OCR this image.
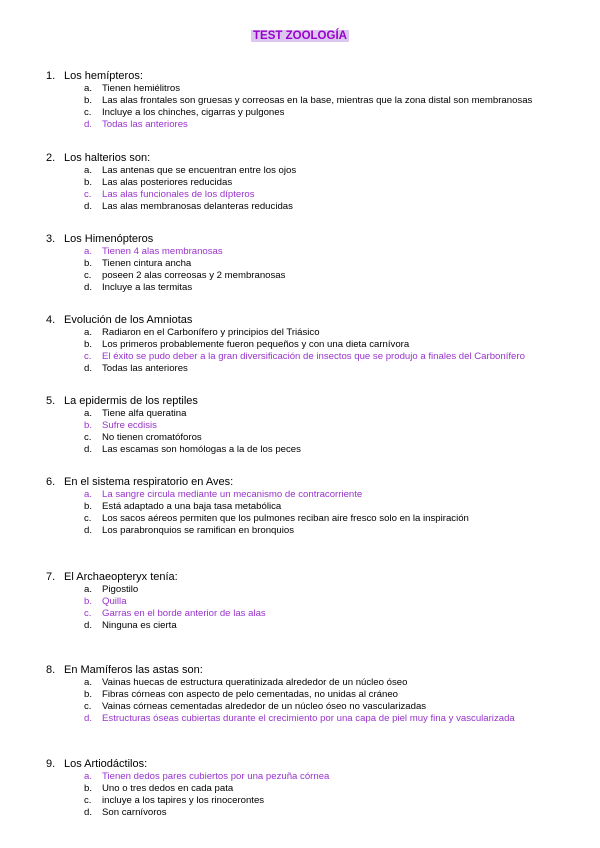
TEST ZOOLOGÍA
1. Los hemípteros:
a. Tienen hemiélitros
b. Las alas frontales son gruesas y correosas en la base, mientras que la zona distal son membranosas
c. Incluye a los chinches, cigarras y pulgones
d. Todas las anteriores
2. Los halterios son:
a. Las antenas que se encuentran entre los ojos
b. Las alas posteriores reducidas
c. Las alas funcionales de los dípteros
d. Las alas membranosas delanteras reducidas
3. Los Himenópteros
a. Tienen 4 alas membranosas
b. Tienen cintura ancha
c. poseen 2 alas correosas y 2 membranosas
d. Incluye a las termitas
4. Evolución de los Amniotas
a. Radiaron en el Carbonífero y principios del Triásico
b. Los primeros probablemente fueron pequeños y con una dieta carnívora
c. El éxito se pudo deber a la gran diversificación de insectos que se produjo a finales del Carbonífero
d. Todas las anteriores
5. La epidermis de los reptiles
a. Tiene alfa queratina
b. Sufre ecdisis
c. No tienen cromatóforos
d. Las escamas son homólogas a la de los peces
6. En el sistema respiratorio en Aves:
a. La sangre circula mediante un mecanismo de contracorriente
b. Está adaptado a una baja tasa metabólica
c. Los sacos aéreos permiten que los pulmones reciban aire fresco solo en la inspiración
d. Los parabronquios se ramifican en bronquios
7. El Archaeopteryx tenía:
a. Pigostilo
b. Quilla
c. Garras en el borde anterior de las alas
d. Ninguna es cierta
8. En Mamíferos las astas son:
a. Vainas huecas de estructura queratinizada alrededor de un núcleo óseo
b. Fibras córneas con aspecto de pelo cementadas, no unidas al cráneo
c. Vainas córneas cementadas alrededor de un núcleo óseo no vascularizadas
d. Estructuras óseas cubiertas durante el crecimiento por una capa de piel muy fina y vascularizada
9. Los Artiodáctilos:
a. Tienen dedos pares cubiertos por una pezuña córnea
b. Uno o tres dedos en cada pata
c. incluye a los tapires y los rinocerontes
d. Son carnívoros
